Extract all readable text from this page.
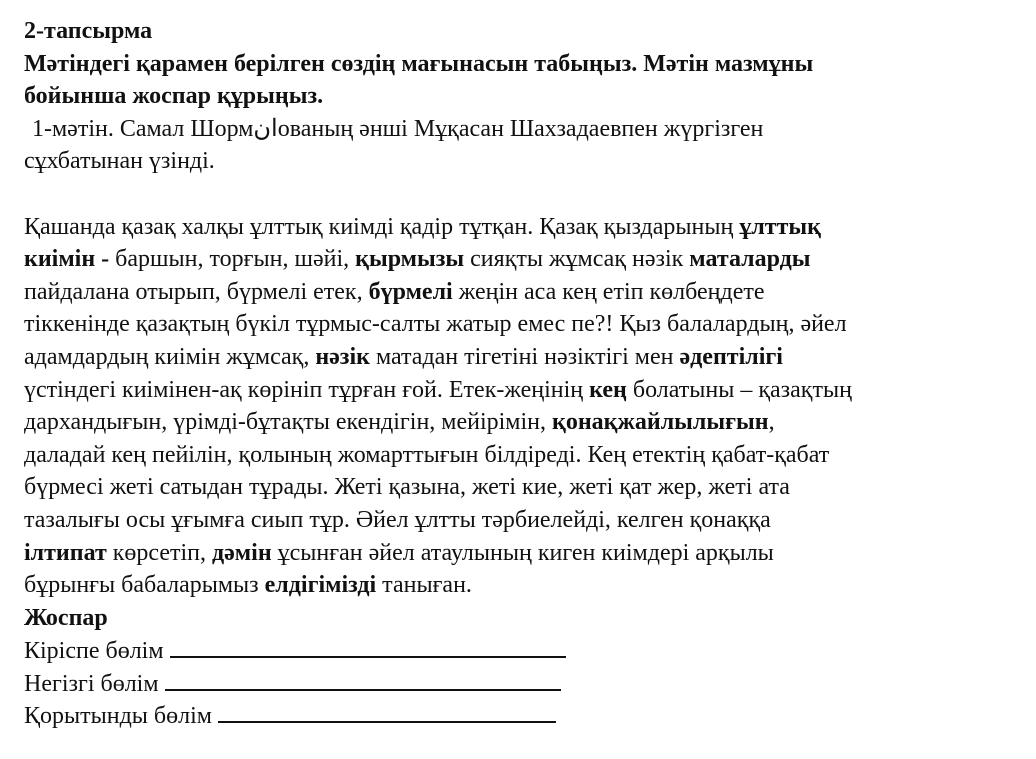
2-тапсырма
Мәтіндегі қарамен берілген сөздің мағынасын табыңыз. Мәтін мазмұны
бойынша жоспар құрыңыз.
1-мәтін. Самал Шормانованың әнші Мұқасан Шахзадаевпен жүргізген
сұхбатынан үзінді.
Қашанда қазақ халқы ұлттық киімді қадір тұтқан. Қазақ қыздарының ұлттық
киімін - баршын, торғын, шәйі, қырмызы сияқты жұмсақ нәзік маталарды
пайдалана отырып, бүрмелі етек, бүрмелі жеңін аса кең етіп көлбеңдете
тіккенінде қазақтың бүкіл тұрмыс-салты жатыр емес пе?! Қыз балалардың, әйел
адамдардың киімін жұмсақ, нәзік матадан тігетіні нәзіктігі мен әдептілігі
үстіндегі киімінен-ақ көрініп тұрған ғой. Етек-жеңінің кең болатыны – қазақтың
дархандығын, үрімді-бұтақты екендігін, мейірімін, қонақжайлылығын,
даладай кең пейілін, қолының жомарттығын білдіреді. Кең етектің қабат-қабат
бүрмесі жеті сатыдан тұрады. Жеті қазына, жеті киe, жеті қат жер, жеті ата
тазалығы осы ұғымға сиып тұр. Әйел ұлтты тәрбиелейді, келген қонаққа
ілтипат көрсетіп, дәмін ұсынған әйел атаулының киген киімдері арқылы
бұрынғы бабаларымыз елдігімізді таныған.
Жоспар
Кіріспе бөлім
Негізгі бөлім
Қорытынды бөлім
